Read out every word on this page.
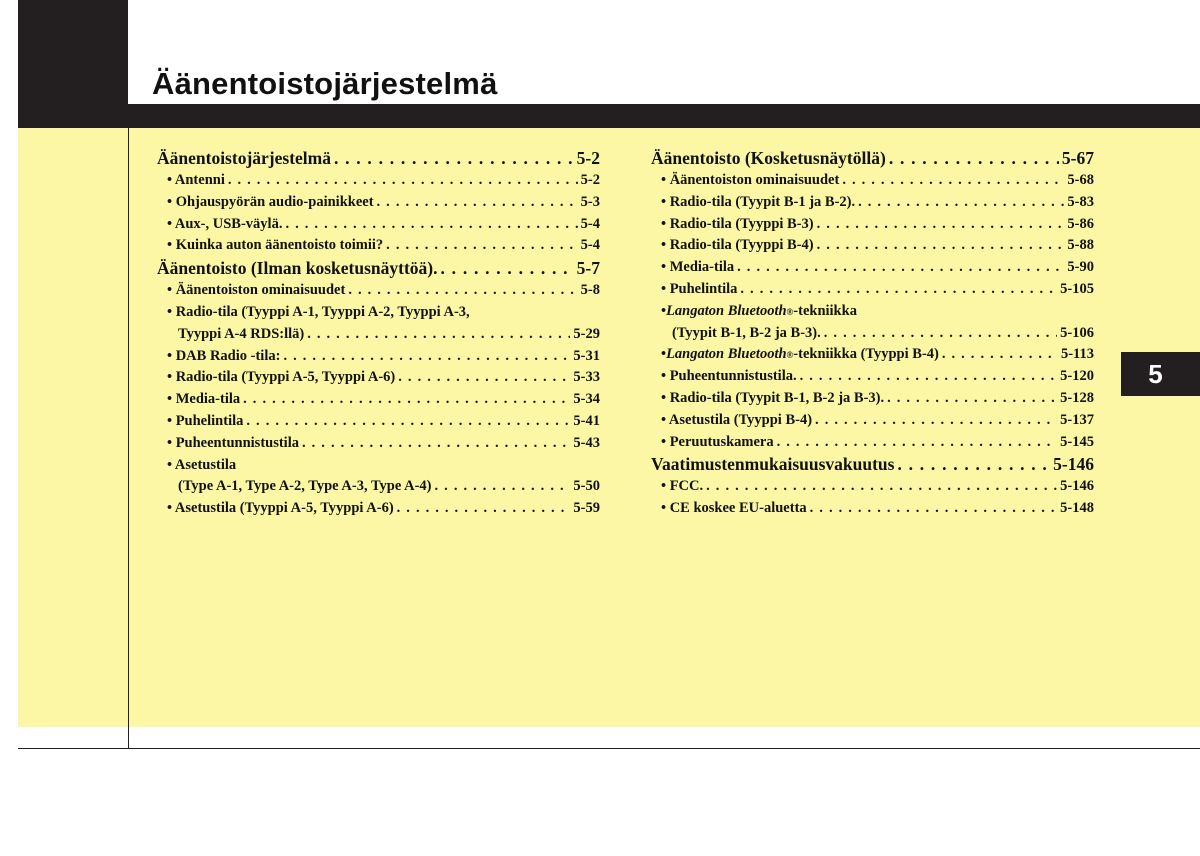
Äänentoistojärjestelmä
5
Äänentoistojärjestelmä . . .	5-2
• Antenni . . .	5-2
• Ohjauspyörän audio-painikkeet . . .	5-3
• Aux-, USB-väylä. . . .	5-4
• Kuinka auton äänentoisto toimii? . . .	5-4
Äänentoisto (Ilman kosketusnäyttöä). . . .	5-7
• Äänentoiston ominaisuudet . . .	5-8
• Radio-tila (Tyyppi A-1, Tyyppi A-2, Tyyppi A-3,
Tyyppi A-4 RDS:llä) . . .	5-29
• DAB Radio -tila: . . .	5-31
• Radio-tila (Tyyppi A-5, Tyyppi A-6) . . .	5-33
• Media-tila . . .	5-34
• Puhelintila . . .	5-41
• Puheentunnistustila . . .	5-43
• Asetustila
(Type A-1, Type A-2, Type A-3, Type A-4) . . .	5-50
• Asetustila (Tyyppi A-5, Tyyppi A-6) . . .	5-59
Äänentoisto (Kosketusnäytöllä) . . .	5-67
• Äänentoiston ominaisuudet . . .	5-68
• Radio-tila (Tyypit B-1 ja B-2). . . .	5-83
• Radio-tila (Tyyppi B-3) . . .	5-86
• Radio-tila (Tyyppi B-4) . . .	5-88
• Media-tila . . .	5-90
• Puhelintila . . .	5-105
• Langaton Bluetooth ® -tekniikka
(Tyypit B-1, B-2 ja B-3). . . .	5-106
• Langaton Bluetooth ® -tekniikka (Tyyppi B-4) . . .	5-113
• Puheentunnistustila. . . .	5-120
• Radio-tila (Tyypit B-1, B-2 ja B-3). . . .	5-128
• Asetustila (Tyyppi B-4) . . .	5-137
• Peruutuskamera . . .	5-145
Vaatimustenmukaisuusvakuutus . . .	5-146
• FCC. . . .	5-146
• CE koskee EU-aluetta . . .	5-148
